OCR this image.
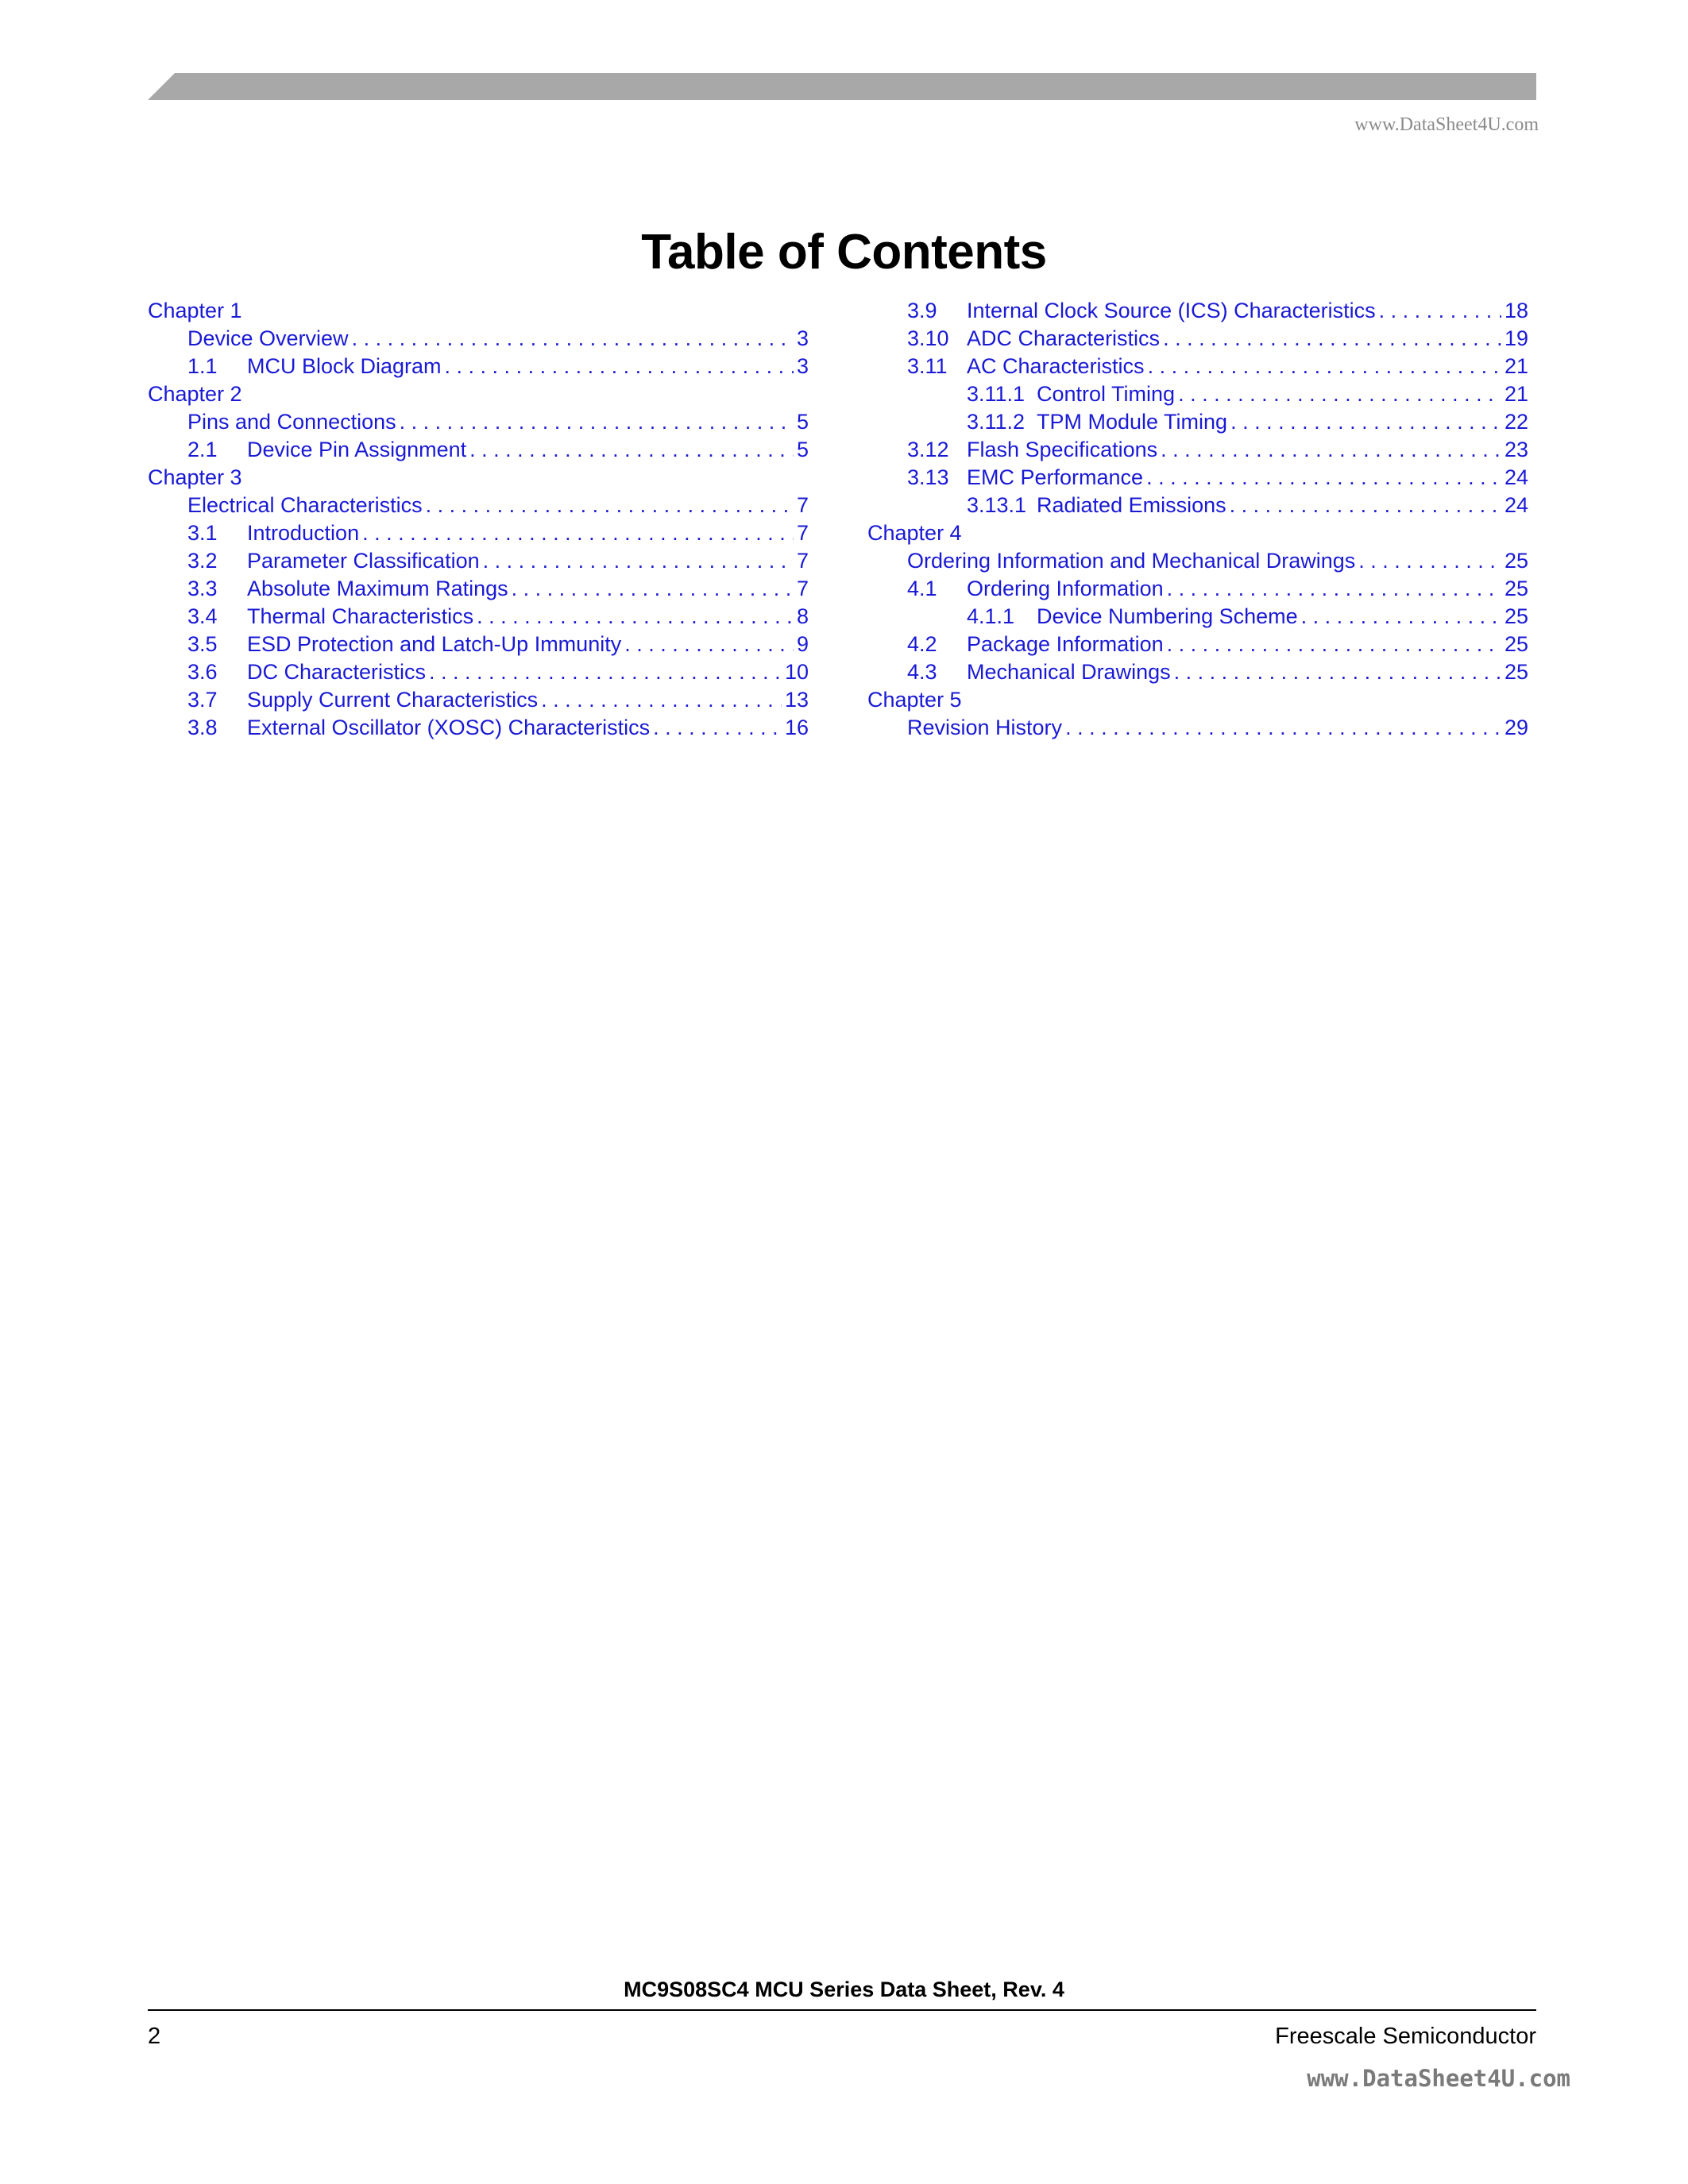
www.DataSheet4U.com
Table of Contents
Chapter 1
Device Overview . . .	3
1.1	MCU Block Diagram . . .	3
Chapter 2
Pins and Connections . . .	5
2.1	Device Pin Assignment . . .	5
Chapter 3
Electrical Characteristics . . .	7
3.1	Introduction . . .	7
3.2	Parameter Classification . . .	7
3.3	Absolute Maximum Ratings . . .	7
3.4	Thermal Characteristics . . .	8
3.5	ESD Protection and Latch-Up Immunity . . .	9
3.6	DC Characteristics . . .	10
3.7	Supply Current Characteristics . . .	13
3.8	External Oscillator (XOSC) Characteristics . . .	16
3.9	Internal Clock Source (ICS) Characteristics . . .	18
3.10 ADC Characteristics . . .	19
3.11 AC Characteristics . . .	21
3.11.1 Control Timing . . .	21
3.11.2 TPM Module Timing . . .	22
3.12 Flash Specifications . . .	23
3.13 EMC Performance . . .	24
3.13.1 Radiated Emissions . . .	24
Chapter 4
Ordering Information and Mechanical Drawings . . .	25
4.1	Ordering Information . . .	25
4.1.1	Device Numbering Scheme . . .	25
4.2	Package Information . . .	25
4.3	Mechanical Drawings . . .	25
Chapter 5
Revision History . . .	29
MC9S08SC4 MCU Series Data Sheet, Rev. 4
2	Freescale Semiconductor
www.DataSheet4U.com
